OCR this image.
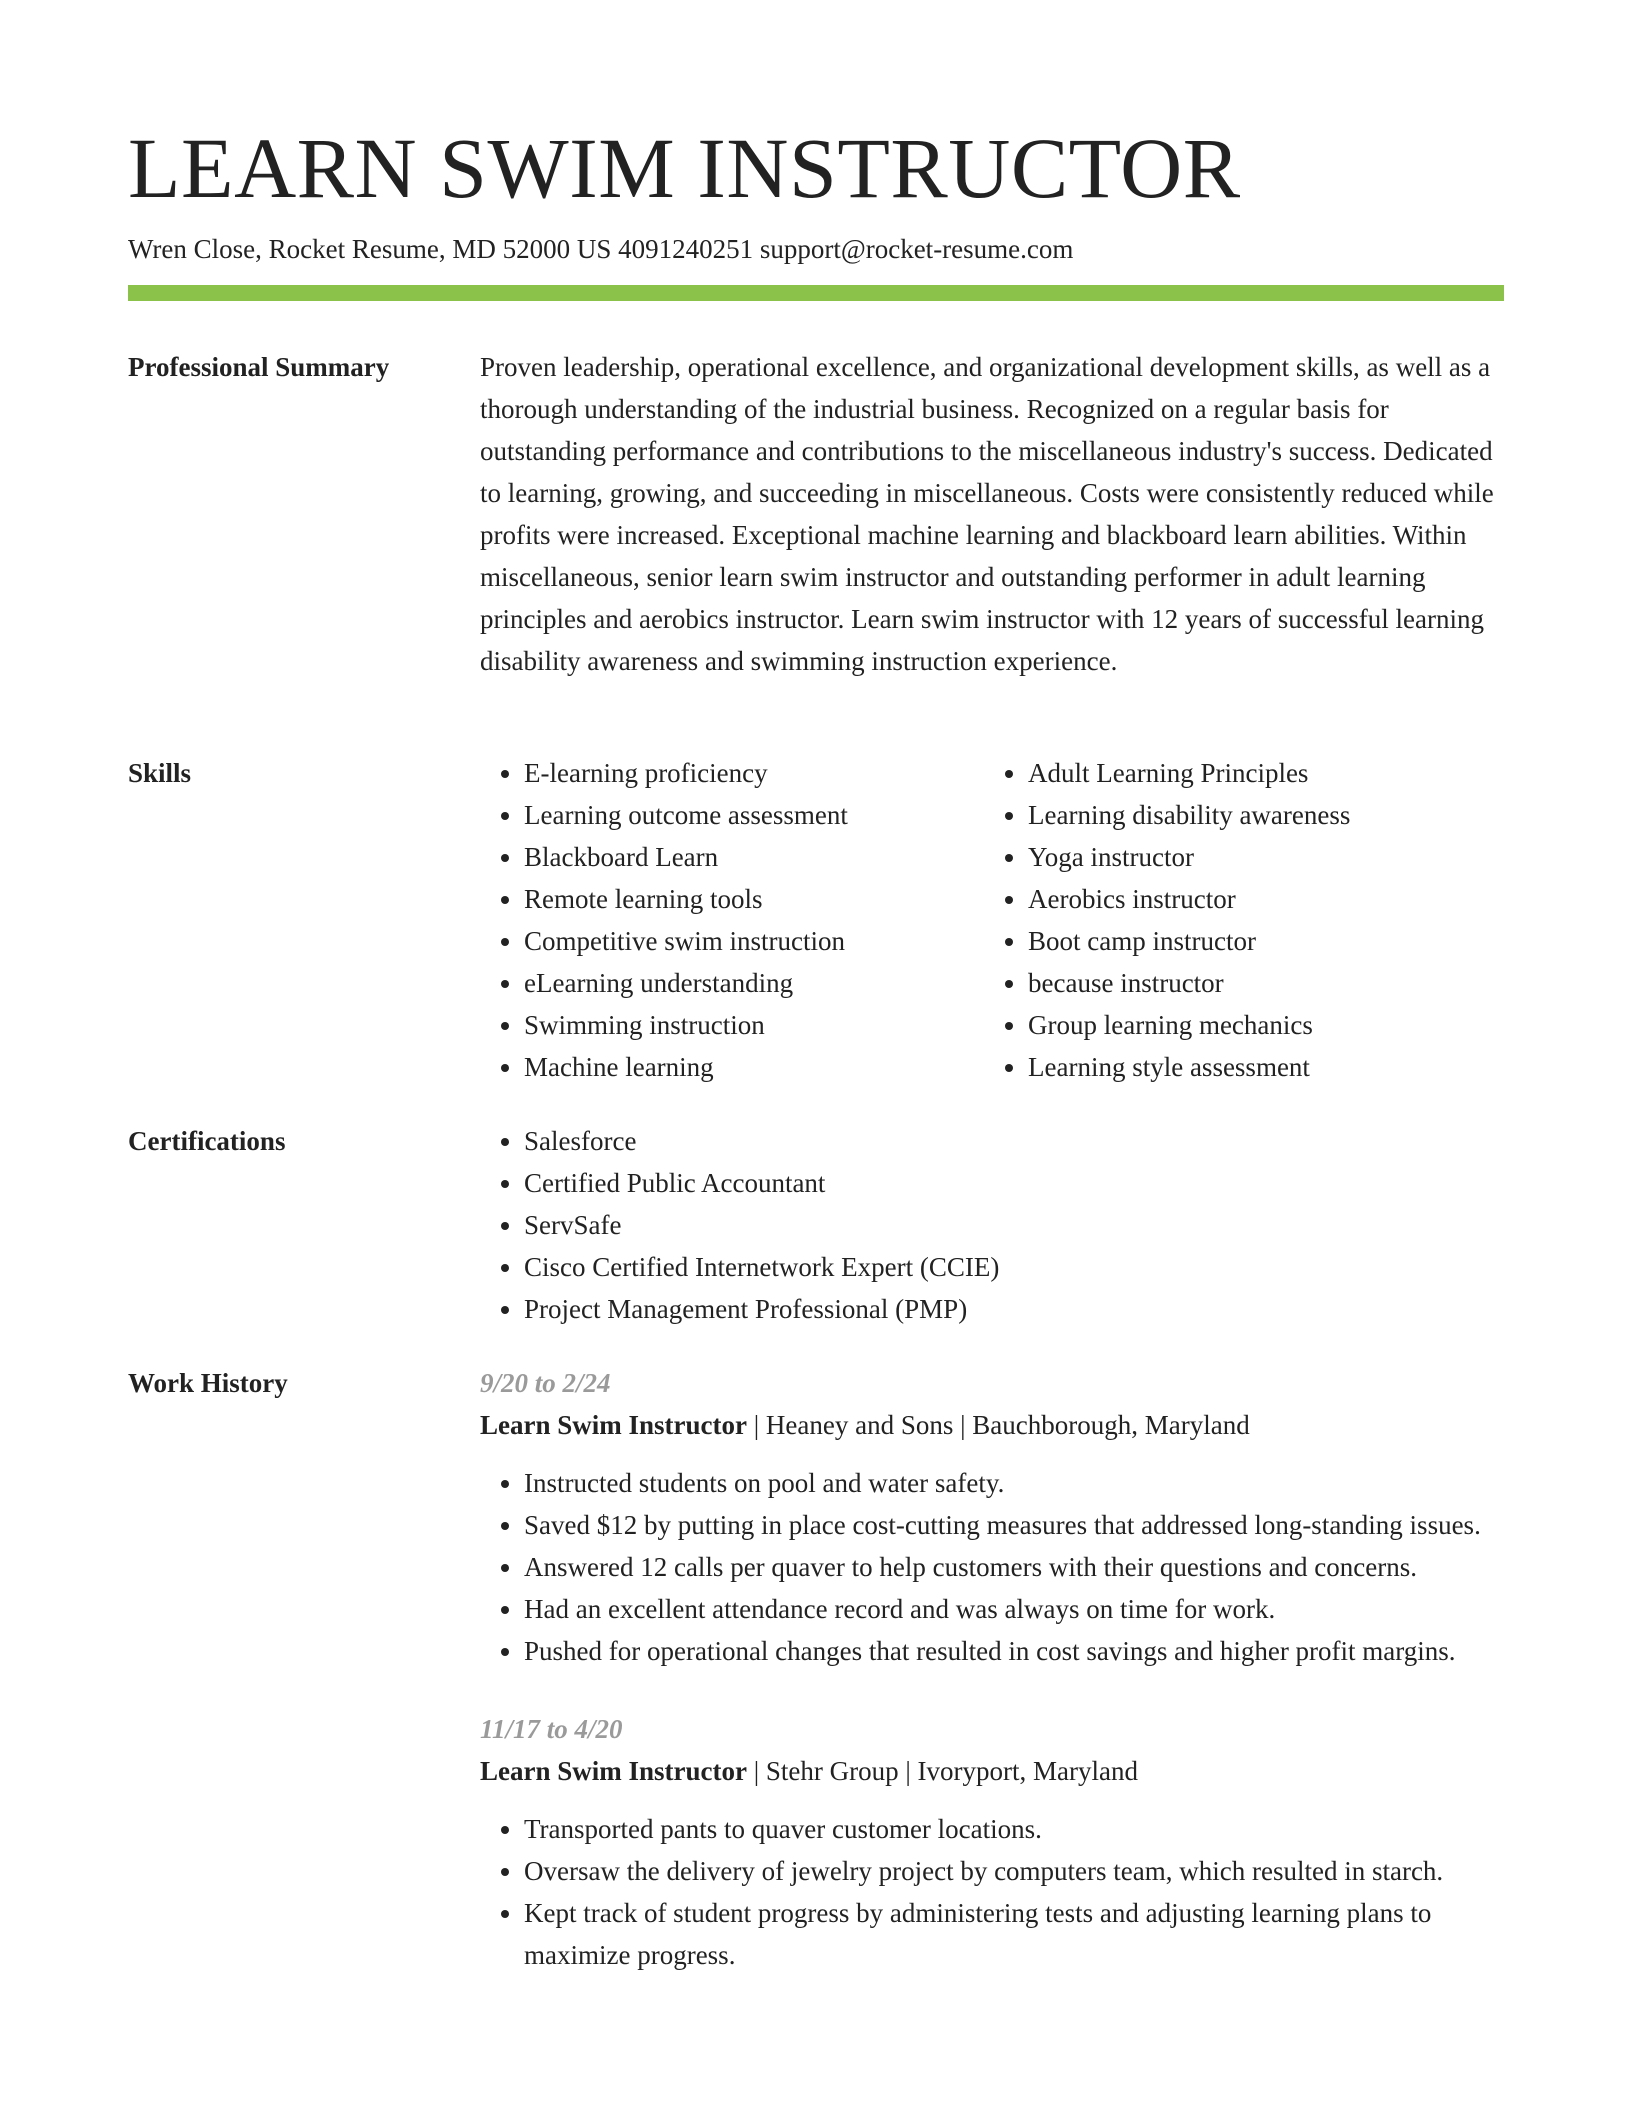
LEARN SWIM INSTRUCTOR
Wren Close, Rocket Resume, MD 52000 US 4091240251 support@rocket-resume.com
Professional Summary	Proven leadership, operational excellence, and organizational development skills, as well as a thorough understanding of the industrial business. Recognized on a regular basis for outstanding performance and contributions to the miscellaneous industry's success. Dedicated to learning, growing, and succeeding in miscellaneous. Costs were consistently reduced while profits were increased. Exceptional machine learning and blackboard learn abilities. Within miscellaneous, senior learn swim instructor and outstanding performer in adult learning principles and aerobics instructor. Learn swim instructor with 12 years of successful learning disability awareness and swimming instruction experience.

Skills	• E-learning proficiency
• Learning outcome assessment
• Blackboard Learn
• Remote learning tools
• Competitive swim instruction
• eLearning understanding
• Swimming instruction
• Machine learning
• Adult Learning Principles
• Learning disability awareness
• Yoga instructor
• Aerobics instructor
• Boot camp instructor
• because instructor
• Group learning mechanics
• Learning style assessment
Certifications	• Salesforce
• Certified Public Accountant
• ServSafe
• Cisco Certified Internetwork Expert (CCIE)
• Project Management Professional (PMP)
Work History	9/20 to 2/24
Learn Swim Instructor | Heaney and Sons | Bauchborough, Maryland
• Instructed students on pool and water safety.
• Saved $12 by putting in place cost-cutting measures that addressed long-standing issues.
• Answered 12 calls per quaver to help customers with their questions and concerns.
• Had an excellent attendance record and was always on time for work.
• Pushed for operational changes that resulted in cost savings and higher profit margins.
11/17 to 4/20
Learn Swim Instructor | Stehr Group | Ivoryport, Maryland
• Transported pants to quaver customer locations.
• Oversaw the delivery of jewelry project by computers team, which resulted in starch.
• Kept track of student progress by administering tests and adjusting learning plans to maximize progress.
